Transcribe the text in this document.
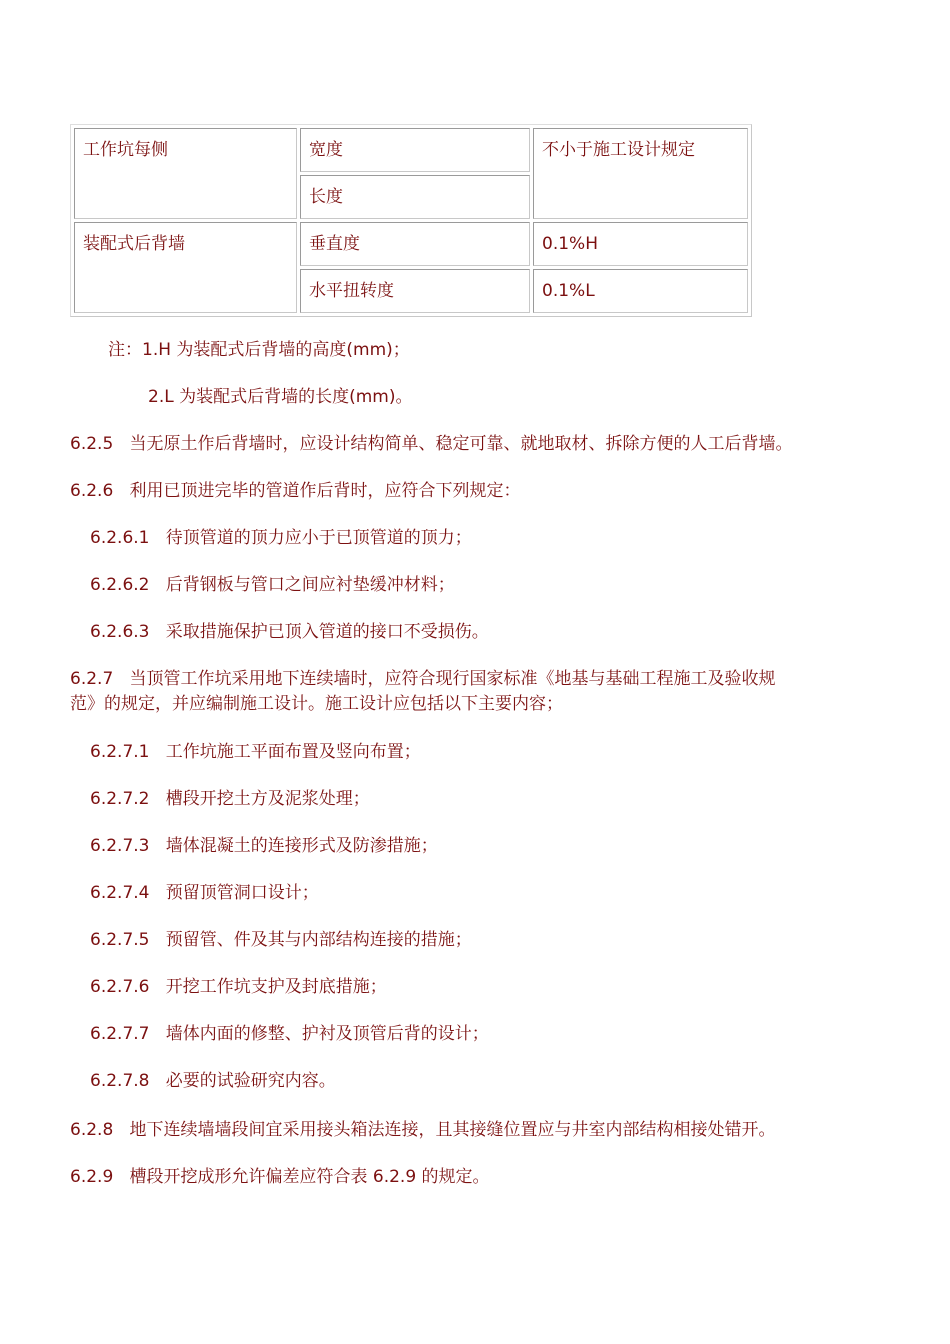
工作坑每侧	宽度	不小于施工设计规定
	长度	
装配式后背墙	垂直度	0.1%H
	水平扭转度	0.1%L
注：1.H 为装配式后背墙的高度(mm)；
2.L 为装配式后背墙的长度(mm)。
6.2.5 当无原土作后背墙时，应设计结构简单、稳定可靠、就地取材、拆除方便的人工后背墙。
6.2.6 利用已顶进完毕的管道作后背时，应符合下列规定：
6.2.6.1 待顶管道的顶力应小于已顶管道的顶力；
6.2.6.2 后背钢板与管口之间应衬垫缓冲材料；
6.2.6.3 采取措施保护已顶入管道的接口不受损伤。
6.2.7 当顶管工作坑采用地下连续墙时，应符合现行国家标准《地基与基础工程施工及验收规
范》的规定，并应编制施工设计。施工设计应包括以下主要内容；
6.2.7.1 工作坑施工平面布置及竖向布置；
6.2.7.2 槽段开挖土方及泥浆处理；
6.2.7.3 墙体混凝土的连接形式及防渗措施；
6.2.7.4 预留顶管洞口设计；
6.2.7.5 预留管、件及其与内部结构连接的措施；
6.2.7.6 开挖工作坑支护及封底措施；
6.2.7.7 墙体内面的修整、护衬及顶管后背的设计；
6.2.7.8 必要的试验研究内容。
6.2.8 地下连续墙墙段间宜采用接头箱法连接，且其接缝位置应与井室内部结构相接处错开。
6.2.9 槽段开挖成形允许偏差应符合表 6.2.9 的规定。
